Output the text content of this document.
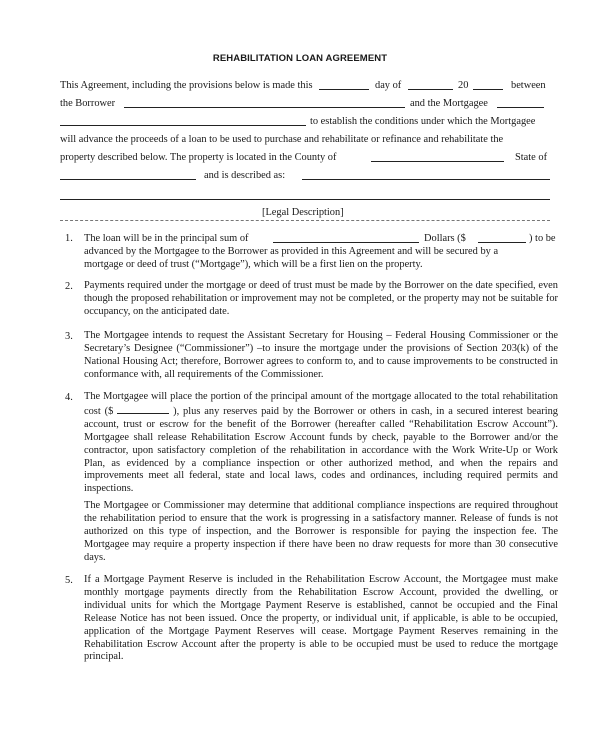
REHABILITATION LOAN AGREEMENT
This Agreement, including the provisions below is made this	day of	20	between
the Borrower	and the Mortgagee
to establish the conditions under which the Mortgagee
will advance the proceeds of a loan to be used to purchase and rehabilitate or refinance and rehabilitate the
property described below. The property is located in the County of	State of
and is described as:
[Legal Description]
1. The loan will be in the principal sum of	Dollars ($	) to be
advanced by the Mortgagee to the Borrower as provided in this Agreement and will be secured by a
mortgage or deed of trust (“Mortgage”), which will be a first lien on the property.
2. Payments required under the mortgage or deed of trust must be made by the Borrower on the date specified, even though the proposed rehabilitation or improvement may not be completed, or the property may not be suitable for occupancy, on the anticipated date.
3. The Mortgagee intends to request the Assistant Secretary for Housing – Federal Housing Commissioner or the Secretary’s Designee (“Commissioner”) –to insure the mortgage under the provisions of Section 203(k) of the National Housing Act; therefore, Borrower agrees to conform to, and to cause improvements to be constructed in conformance with, all requirements of the Commissioner.
4. The Mortgagee will place the portion of the principal amount of the mortgage allocated to the total rehabilitation cost ($	), plus any reserves paid by the Borrower or others in cash, in a secured interest bearing account, trust or escrow for the benefit of the Borrower (hereafter called “Rehabilitation Escrow Account”). Mortgagee shall release Rehabilitation Escrow Account funds by check, payable to the Borrower and/or the contractor, upon satisfactory completion of the rehabilitation in accordance with the Work Write-Up or Work Plan, as evidenced by a compliance inspection or other authorized method, and when the repairs and improvements meet all federal, state and local laws, codes and ordinances, including required permits and inspections.
The Mortgagee or Commissioner may determine that additional compliance inspections are required throughout the rehabilitation period to ensure that the work is progressing in a satisfactory manner. Release of funds is not authorized on this type of inspection, and the Borrower is responsible for paying the inspection fee. The Mortgagee may require a property inspection if there have been no draw requests for more than 30 consecutive days.
5. If a Mortgage Payment Reserve is included in the Rehabilitation Escrow Account, the Mortgagee must make monthly mortgage payments directly from the Rehabilitation Escrow Account, provided the dwelling, or individual units for which the Mortgage Payment Reserve is established, cannot be occupied and the Final Release Notice has not been issued. Once the property, or individual unit, if applicable, is able to be occupied, application of the Mortgage Payment Reserves will cease. Mortgage Payment Reserves remaining in the Rehabilitation Escrow Account after the property is able to be occupied must be used to reduce the mortgage principal.
